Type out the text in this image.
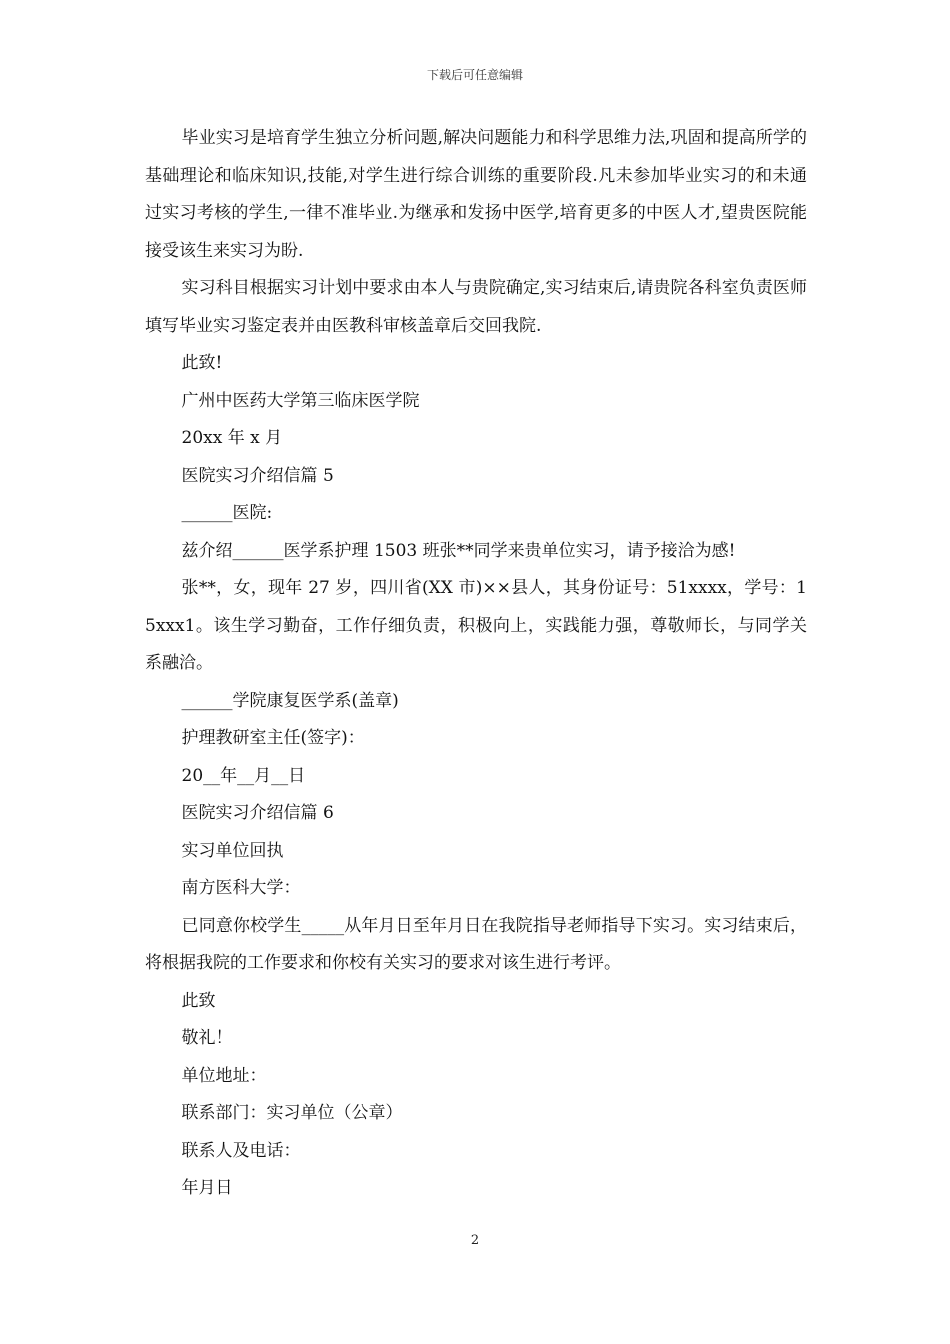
下载后可任意编辑

毕业实习是培育学生独立分析问题,解决问题能力和科学思维力法,巩固和提高所学的基础理论和临床知识,技能,对学生进行综合训练的重要阶段.凡未参加毕业实习的和未通过实习考核的学生,一律不准毕业.为继承和发扬中医学,培育更多的中医人才,望贵医院能接受该生来实习为盼.

实习科目根据实习计划中要求由本人与贵院确定,实习结束后,请贵院各科室负责医师填写毕业实习鉴定表并由医教科审核盖章后交回我院.

此致!

广州中医药大学第三临床医学院

20xx 年 x 月

医院实习介绍信篇 5

______医院:

兹介绍______医学系护理 1503 班张**同学来贵单位实习，请予接洽为感!

张**，女，现年 27 岁，四川省(XX 市)××县人，其身份证号：51xxxx，学号：15xxx1。该生学习勤奋，工作仔细负责，积极向上，实践能力强，尊敬师长，与同学关系融洽。

______学院康复医学系(盖章)

护理教研室主任(签字)：

20__年__月__日

医院实习介绍信篇 6

实习单位回执

南方医科大学：

已同意你校学生_____从年月日至年月日在我院指导老师指导下实习。实习结束后，将根据我院的工作要求和你校有关实习的要求对该生进行考评。

此致

敬礼！

单位地址：

联系部门：实习单位（公章）

联系人及电话：

年月日

2
